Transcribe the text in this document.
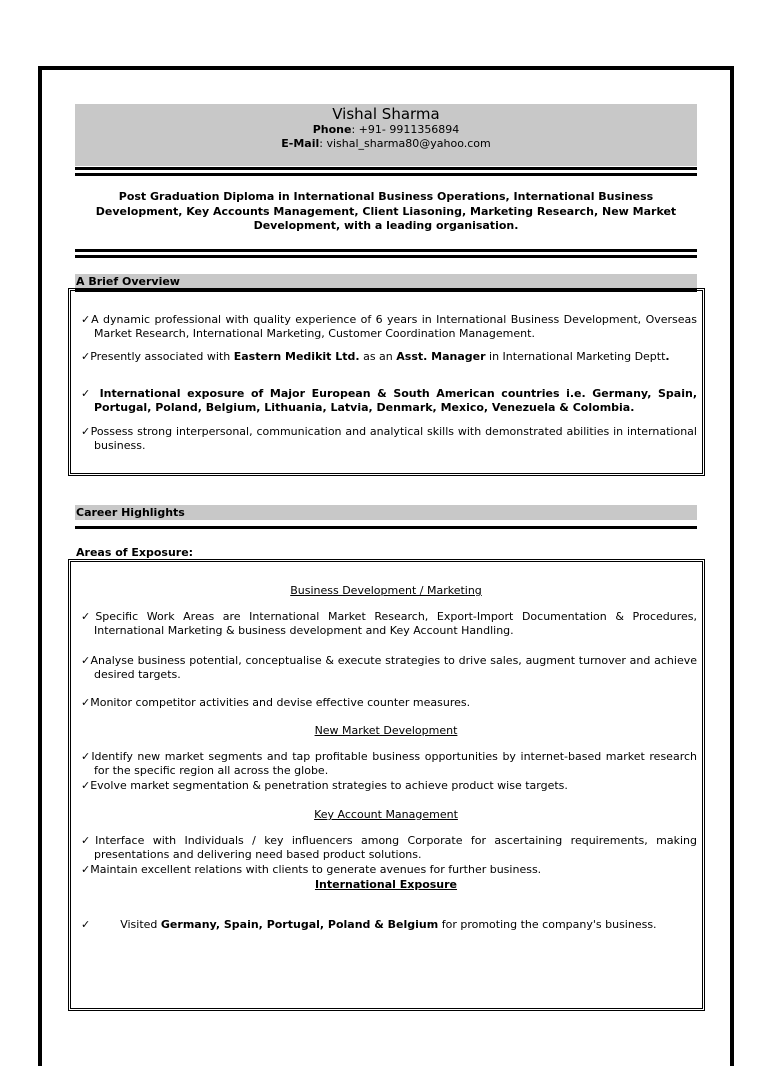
Vishal Sharma
Phone: +91- 9911356894
E-Mail: vishal_sharma80@yahoo.com
Post Graduation Diploma in International Business Operations, International Business Development, Key Accounts Management, Client Liasoning, Marketing Research, New Market Development, with a leading organisation.
A Brief Overview
✓A dynamic professional with quality experience of 6 years in International Business Development, Overseas Market Research, International Marketing, Customer Coordination Management.
✓Presently associated with Eastern Medikit Ltd. as an Asst. Manager in International Marketing Deptt.
✓ International exposure of Major European & South American countries i.e. Germany, Spain, Portugal, Poland, Belgium, Lithuania, Latvia, Denmark, Mexico, Venezuela & Colombia.
✓Possess strong interpersonal, communication and analytical skills with demonstrated abilities in international business.
Career Highlights
Areas of Exposure:
Business Development / Marketing
✓Specific Work Areas are International Market Research, Export-Import Documentation & Procedures, International Marketing & business development and Key Account Handling.
✓Analyse business potential, conceptualise & execute strategies to drive sales, augment turnover and achieve desired targets.
✓Monitor competitor activities and devise effective counter measures.
New Market Development
✓Identify new market segments and tap profitable business opportunities by internet-based market research for the specific region all across the globe.
✓Evolve market segmentation & penetration strategies to achieve product wise targets.
Key Account Management
✓Interface with Individuals / key influencers among Corporate for ascertaining requirements, making presentations and delivering need based product solutions.
✓Maintain excellent relations with clients to generate avenues for further business.
International Exposure
✓	Visited Germany, Spain, Portugal, Poland & Belgium for promoting the company's business.
